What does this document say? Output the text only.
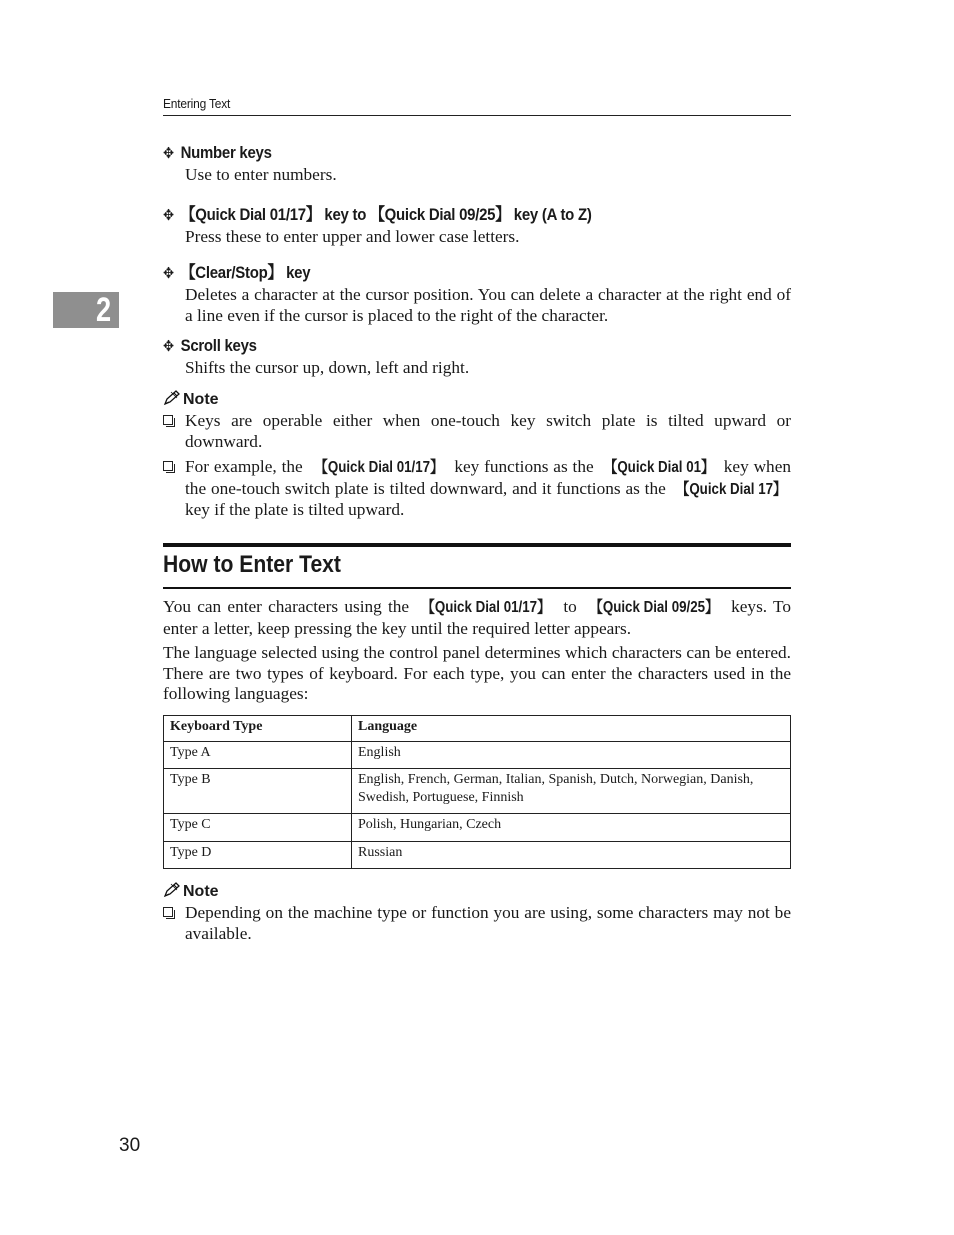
Entering Text
2
✥ Number keys
Use to enter numbers.
✥ 【Quick Dial 01/17】 key to 【Quick Dial 09/25】 key (A to Z)
Press these to enter upper and lower case letters.
✥ 【Clear/Stop】 key
Deletes a character at the cursor position. You can delete a character at the right end of a line even if the cursor is placed to the right of the character.
✥ Scroll keys
Shifts the cursor up, down, left and right.
Note
Keys are operable either when one-touch key switch plate is tilted upward or downward.
For example, the 【Quick Dial 01/17】 key functions as the 【Quick Dial 01】 key when the one-touch switch plate is tilted downward, and it functions as the 【Quick Dial 17】 key if the plate is tilted upward.
How to Enter Text
You can enter characters using the 【Quick Dial 01/17】 to 【Quick Dial 09/25】 keys. To enter a letter, keep pressing the key until the required letter appears.
The language selected using the control panel determines which characters can be entered. There are two types of keyboard. For each type, you can enter the characters used in the following languages:
Keyboard Type	Language
Type A	English
Type B	English, French, German, Italian, Spanish, Dutch, Norwegian, Danish, Swedish, Portuguese, Finnish
Type C	Polish, Hungarian, Czech
Type D	Russian
Note
Depending on the machine type or function you are using, some characters may not be available.
30
